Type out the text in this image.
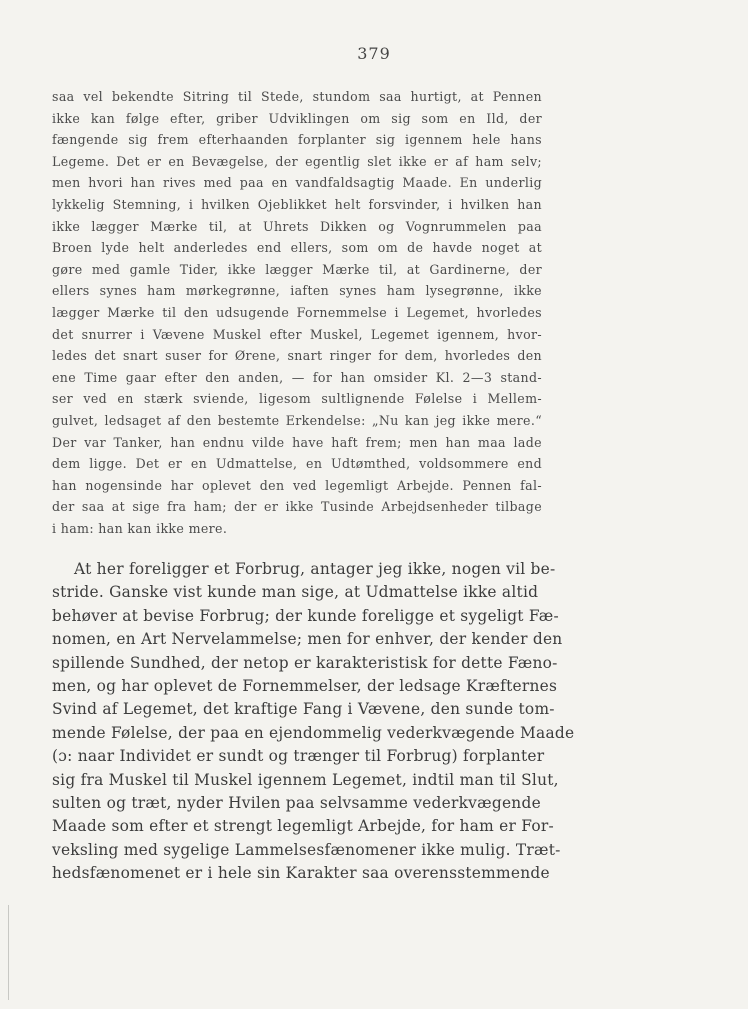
379
saa vel bekendte Sitring til Stede, stundom saa hurtigt, at Pennen
ikke kan følge efter, griber Udviklingen om sig som en Ild, der
fængende sig frem efterhaanden forplanter sig igennem hele hans
Legeme. Det er en Bevægelse, der egentlig slet ikke er af ham selv;
men hvori han rives med paa en vandfaldsagtig Maade. En underlig
lykkelig Stemning, i hvilken Ojeblikket helt forsvinder, i hvilken han
ikke lægger Mærke til, at Uhrets Dikken og Vognrummelen paa
Broen lyde helt anderledes end ellers, som om de havde noget at
gøre med gamle Tider, ikke lægger Mærke til, at Gardinerne, der
ellers synes ham mørkegrønne, iaften synes ham lysegrønne, ikke
lægger Mærke til den udsugende Fornemmelse i Legemet, hvorledes
det snurrer i Vævene Muskel efter Muskel, Legemet igennem, hvor-
ledes det snart suser for Ørene, snart ringer for dem, hvorledes den
ene Time gaar efter den anden, — for han omsider Kl. 2—3 stand-
ser ved en stærk sviende, ligesom sultlignende Følelse i Mellem-
gulvet, ledsaget af den bestemte Erkendelse: „Nu kan jeg ikke mere.“
Der var Tanker, han endnu vilde have haft frem; men han maa lade
dem ligge. Det er en Udmattelse, en Udtømthed, voldsommere end
han nogensinde har oplevet den ved legemligt Arbejde. Pennen fal-
der saa at sige fra ham; der er ikke Tusinde Arbejdsenheder tilbage
i ham: han kan ikke mere.
At her foreligger et Forbrug, antager jeg ikke, nogen vil be-
stride. Ganske vist kunde man sige, at Udmattelse ikke altid
behøver at bevise Forbrug; der kunde foreligge et sygeligt Fæ-
nomen, en Art Nervelammelse; men for enhver, der kender den
spillende Sundhed, der netop er karakteristisk for dette Fæno-
men, og har oplevet de Fornemmelser, der ledsage Kræfternes
Svind af Legemet, det kraftige Fang i Vævene, den sunde tom-
mende Følelse, der paa en ejendommelig vederkvægende Maade
(ɔ: naar Individet er sundt og trænger til Forbrug) forplanter
sig fra Muskel til Muskel igennem Legemet, indtil man til Slut,
sulten og træt, nyder Hvilen paa selvsamme vederkvægende
Maade som efter et strengt legemligt Arbejde, for ham er For-
veksling med sygelige Lammelsesfænomener ikke mulig. Træt-
hedsfænomenet er i hele sin Karakter saa overensstemmende
